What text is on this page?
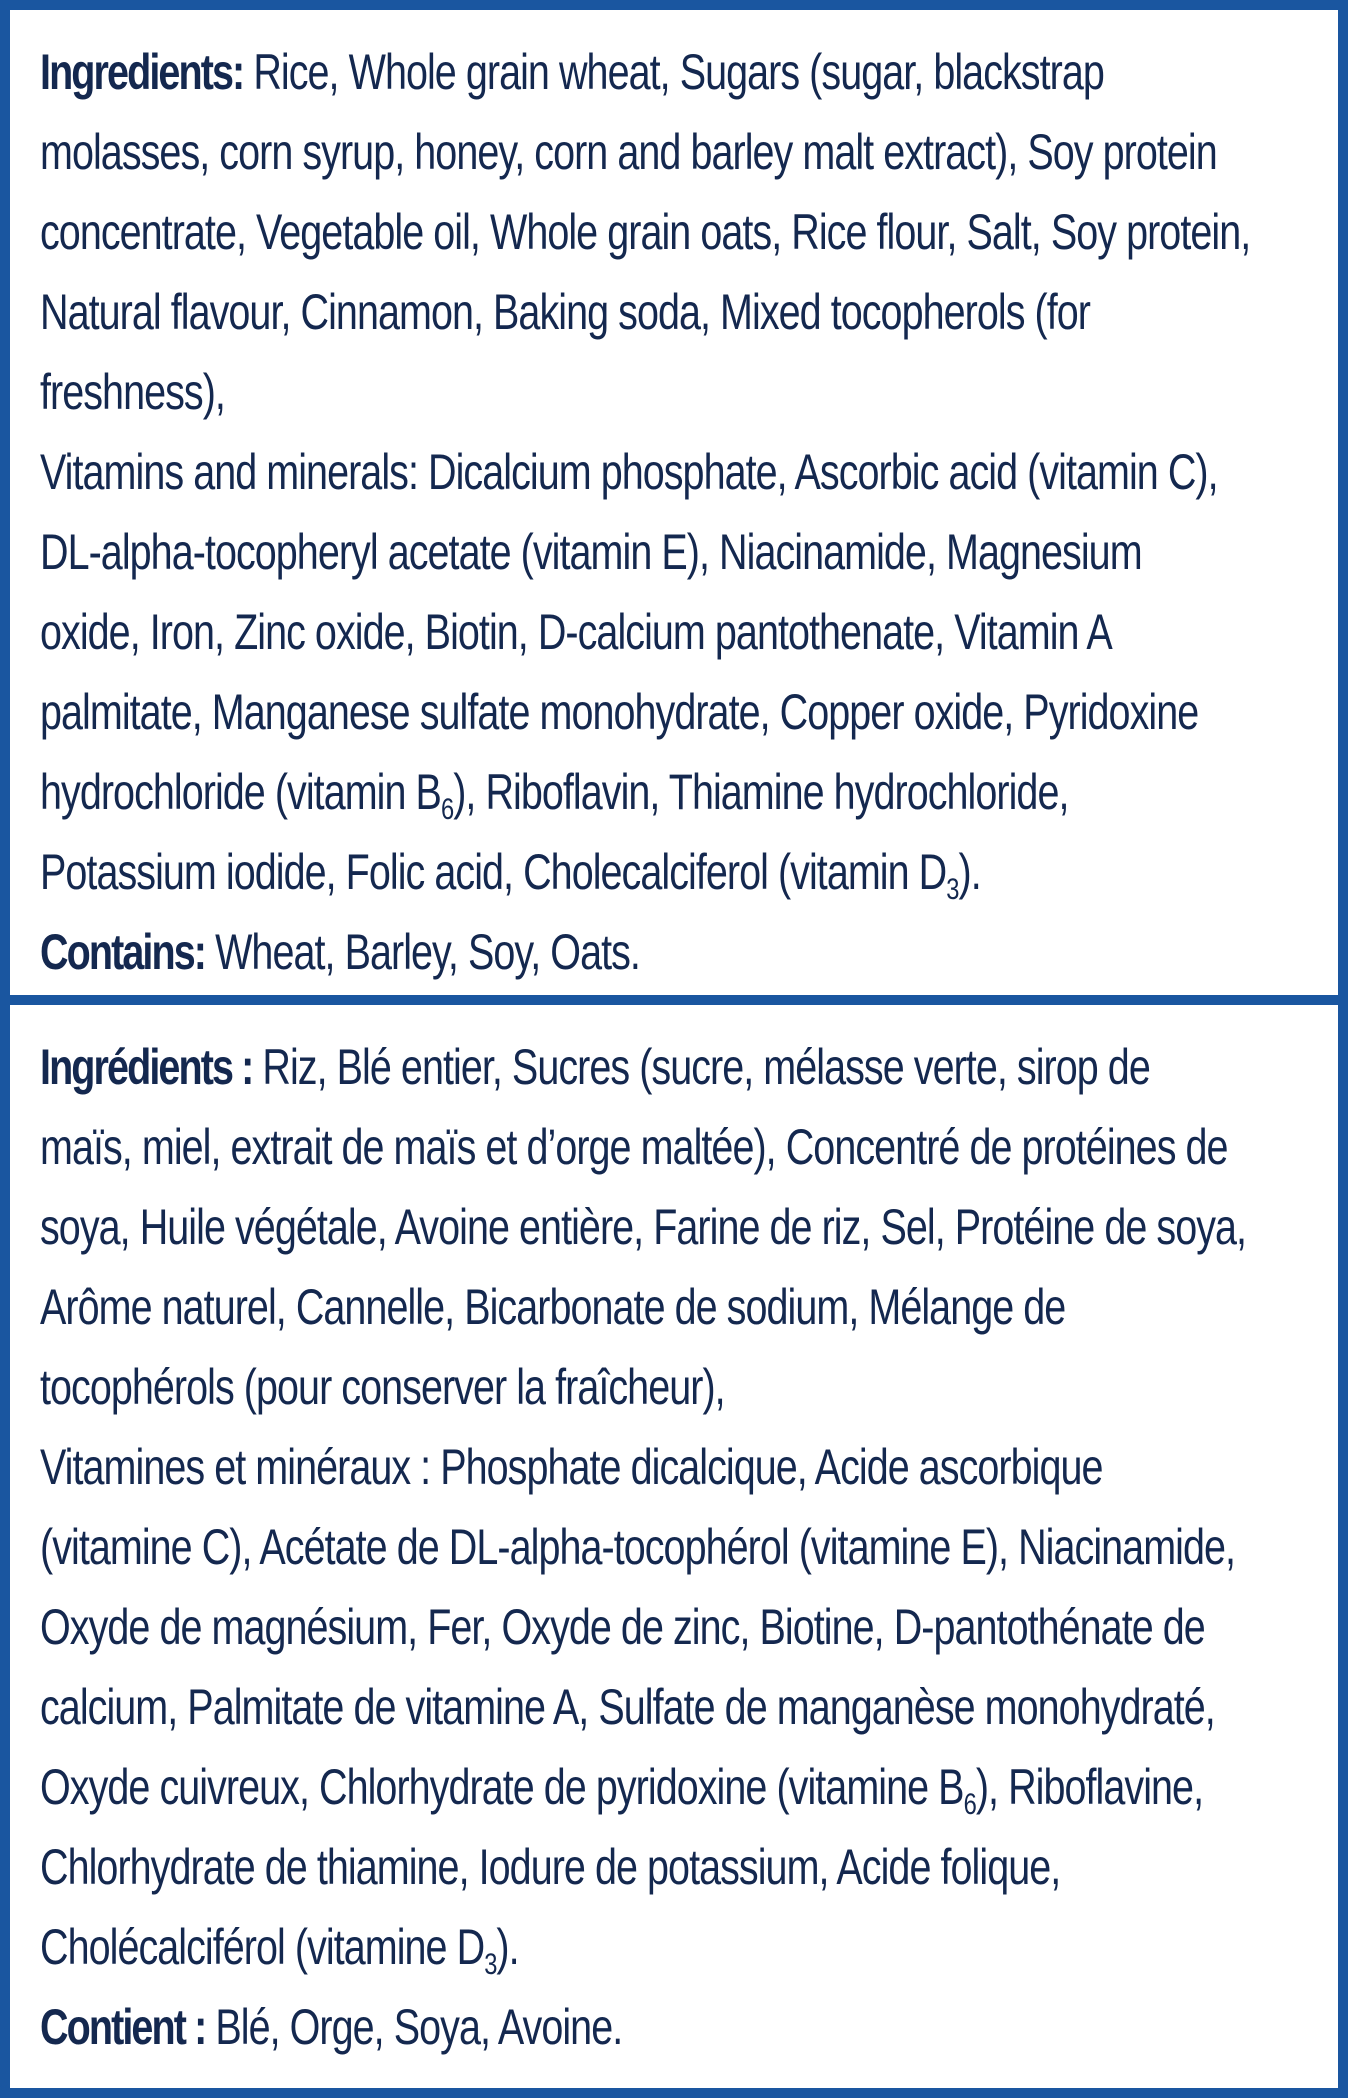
Ingredients: Rice, Whole grain wheat, Sugars (sugar, blackstrap
molasses, corn syrup, honey, corn and barley malt extract), Soy protein
concentrate, Vegetable oil, Whole grain oats, Rice flour, Salt, Soy protein,
Natural flavour, Cinnamon, Baking soda, Mixed tocopherols (for
freshness),
Vitamins and minerals: Dicalcium phosphate, Ascorbic acid (vitamin C),
DL-alpha-tocopheryl acetate (vitamin E), Niacinamide, Magnesium
oxide, Iron, Zinc oxide, Biotin, D-calcium pantothenate, Vitamin A
palmitate, Manganese sulfate monohydrate, Copper oxide, Pyridoxine
hydrochloride (vitamin $B_6$), Riboflavin, Thiamine hydrochloride,
Potassium iodide, Folic acid, Cholecalciferol (vitamin $D_3$).
Contains: Wheat, Barley, Soy, Oats.
Ingrédients : Riz, Blé entier, Sucres (sucre, mélasse verte, sirop de
maïs, miel, extrait de maïs et d’orge maltée), Concentré de protéines de
soya, Huile végétale, Avoine entière, Farine de riz, Sel, Protéine de soya,
Arôme naturel, Cannelle, Bicarbonate de sodium, Mélange de
tocophérols (pour conserver la fraîcheur),
Vitamines et minéraux : Phosphate dicalcique, Acide ascorbique
(vitamine C), Acétate de DL-alpha-tocophérol (vitamine E), Niacinamide,
Oxyde de magnésium, Fer, Oxyde de zinc, Biotine, D-pantothénate de
calcium, Palmitate de vitamine A, Sulfate de manganèse monohydraté,
Oxyde cuivreux, Chlorhydrate de pyridoxine (vitamine $B_6$), Riboflavine,
Chlorhydrate de thiamine, Iodure de potassium, Acide folique,
Cholécalciférol (vitamine $D_3$).
Contient : Blé, Orge, Soya, Avoine.
